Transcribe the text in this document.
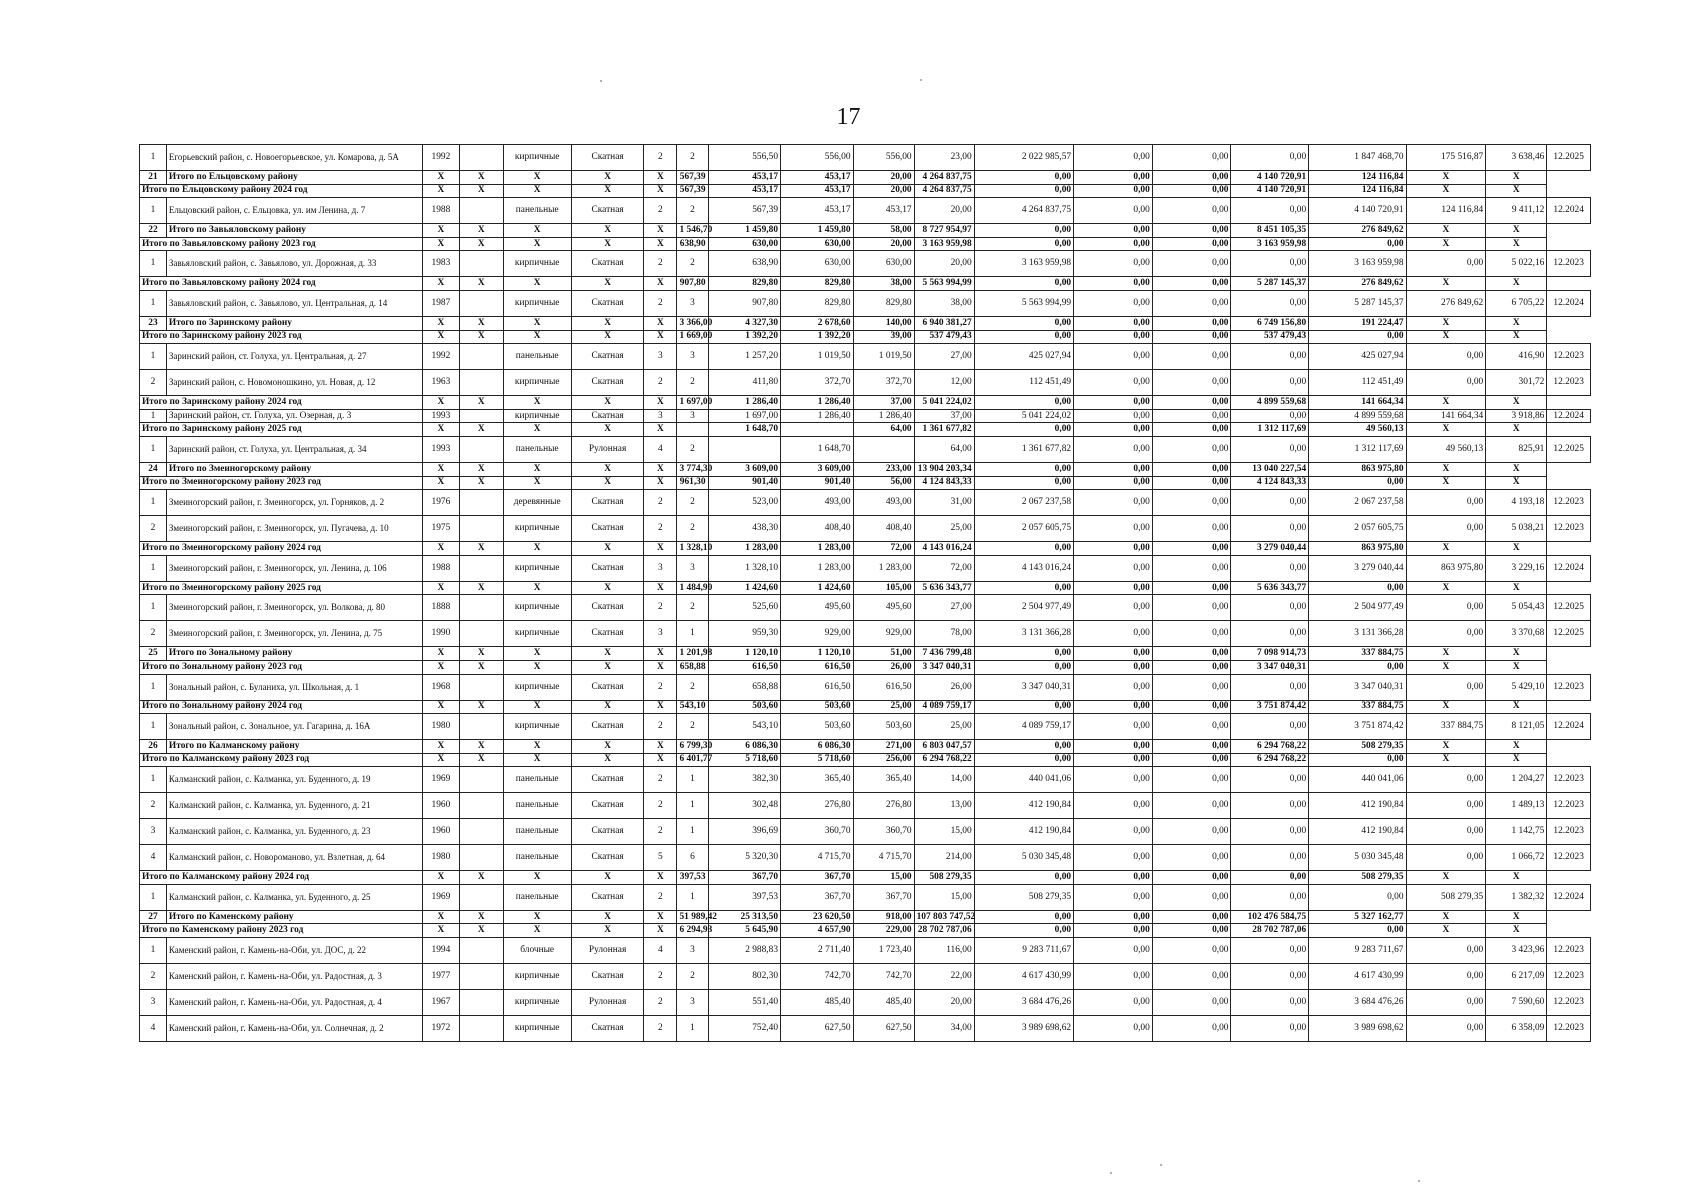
17
1	Егорьевский район, с. Новоегорьевское, ул. Комарова, д. 5А	1992		кирпичные	Скатная	2	2	556,50	556,00	556,00	23,00	2 022 985,57	0,00	0,00	0,00	1 847 468,70	175 516,87	3 638,46	12.2025
21	Итого по Ельцовскому району	X	X	X	X	X	567,39	453,17	453,17	20,00	4 264 837,75	0,00	0,00	0,00	4 140 720,91	124 116,84	X	X	
Итого по Ельцовскому району 2024 год		X	X	X	X	X	567,39	453,17	453,17	20,00	4 264 837,75	0,00	0,00	0,00	4 140 720,91	124 116,84	X	X	
1	Ельцовский район, с. Ельцовка, ул. им Ленина, д. 7	1988		панельные	Скатная	2	2	567,39	453,17	453,17	20,00	4 264 837,75	0,00	0,00	0,00	4 140 720,91	124 116,84	9 411,12	12.2024
22	Итого по Завьяловскому району	X	X	X	X	X	1 546,70	1 459,80	1 459,80	58,00	8 727 954,97	0,00	0,00	0,00	8 451 105,35	276 849,62	X	X	
Итого по Завьяловскому району 2023 год		X	X	X	X	X	638,90	630,00	630,00	20,00	3 163 959,98	0,00	0,00	0,00	3 163 959,98	0,00	X	X	
1	Завьяловский район, с. Завьялово, ул. Дорожная, д. 33	1983		кирпичные	Скатная	2	2	638,90	630,00	630,00	20,00	3 163 959,98	0,00	0,00	0,00	3 163 959,98	0,00	5 022,16	12.2023
Итого по Завьяловскому району 2024 год		X	X	X	X	X	907,80	829,80	829,80	38,00	5 563 994,99	0,00	0,00	0,00	5 287 145,37	276 849,62	X	X	
1	Завьяловский район, с. Завьялово, ул. Центральная, д. 14	1987		кирпичные	Скатная	2	3	907,80	829,80	829,80	38,00	5 563 994,99	0,00	0,00	0,00	5 287 145,37	276 849,62	6 705,22	12.2024
23	Итого по Заринскому району	X	X	X	X	X	3 366,00	4 327,30	2 678,60	140,00	6 940 381,27	0,00	0,00	0,00	6 749 156,80	191 224,47	X	X	
Итого по Заринскому району 2023 год		X	X	X	X	X	1 669,00	1 392,20	1 392,20	39,00	537 479,43	0,00	0,00	0,00	537 479,43	0,00	X	X	
1	Заринский район, ст. Голуха, ул. Центральная, д. 27	1992		панельные	Скатная	3	3	1 257,20	1 019,50	1 019,50	27,00	425 027,94	0,00	0,00	0,00	425 027,94	0,00	416,90	12.2023
2	Заринский район, с. Новомоношкино, ул. Новая, д. 12	1963		кирпичные	Скатная	2	2	411,80	372,70	372,70	12,00	112 451,49	0,00	0,00	0,00	112 451,49	0,00	301,72	12.2023
Итого по Заринскому району 2024 год		X	X	X	X	X	1 697,00	1 286,40	1 286,40	37,00	5 041 224,02	0,00	0,00	0,00	4 899 559,68	141 664,34	X	X	
1	Заринский район, ст. Голуха, ул. Озерная, д. 3	1993		кирпичные	Скатная	3	3	1 697,00	1 286,40	1 286,40	37,00	5 041 224,02	0,00	0,00	0,00	4 899 559,68	141 664,34	3 918,86	12.2024
Итого по Заринскому району 2025 год		X	X	X	X	X		1 648,70		64,00	1 361 677,82	0,00	0,00	0,00	1 312 117,69	49 560,13	X	X	
1	Заринский район, ст. Голуха, ул. Центральная, д. 34	1993		панельные	Рулонная	4	2		1 648,70		64,00	1 361 677,82	0,00	0,00	0,00	1 312 117,69	49 560,13	825,91	12.2025
24	Итого по Змеиногорскому району	X	X	X	X	X	3 774,30	3 609,00	3 609,00	233,00	13 904 203,34	0,00	0,00	0,00	13 040 227,54	863 975,80	X	X	
Итого по Змеиногорскому району 2023 год		X	X	X	X	X	961,30	901,40	901,40	56,00	4 124 843,33	0,00	0,00	0,00	4 124 843,33	0,00	X	X	
1	Змеиногорский район, г. Змеиногорск, ул. Горняков, д. 2	1976		деревянные	Скатная	2	2	523,00	493,00	493,00	31,00	2 067 237,58	0,00	0,00	0,00	2 067 237,58	0,00	4 193,18	12.2023
2	Змеиногорский район, г. Змеиногорск, ул. Пугачева, д. 10	1975		кирпичные	Скатная	2	2	438,30	408,40	408,40	25,00	2 057 605,75	0,00	0,00	0,00	2 057 605,75	0,00	5 038,21	12.2023
Итого по Змеиногорскому району 2024 год		X	X	X	X	X	1 328,10	1 283,00	1 283,00	72,00	4 143 016,24	0,00	0,00	0,00	3 279 040,44	863 975,80	X	X	
1	Змеиногорский район, г. Змеиногорск, ул. Ленина, д. 106	1988		кирпичные	Скатная	3	3	1 328,10	1 283,00	1 283,00	72,00	4 143 016,24	0,00	0,00	0,00	3 279 040,44	863 975,80	3 229,16	12.2024
Итого по Змеиногорскому району 2025 год		X	X	X	X	X	1 484,90	1 424,60	1 424,60	105,00	5 636 343,77	0,00	0,00	0,00	5 636 343,77	0,00	X	X	
1	Змеиногорский район, г. Змеиногорск, ул. Волкова, д. 80	1888		кирпичные	Скатная	2	2	525,60	495,60	495,60	27,00	2 504 977,49	0,00	0,00	0,00	2 504 977,49	0,00	5 054,43	12.2025
2	Змеиногорский район, г. Змеиногорск, ул. Ленина, д. 75	1990		кирпичные	Скатная	3	1	959,30	929,00	929,00	78,00	3 131 366,28	0,00	0,00	0,00	3 131 366,28	0,00	3 370,68	12.2025
25	Итого по Зональному району	X	X	X	X	X	1 201,98	1 120,10	1 120,10	51,00	7 436 799,48	0,00	0,00	0,00	7 098 914,73	337 884,75	X	X	
Итого по Зональному району 2023 год		X	X	X	X	X	658,88	616,50	616,50	26,00	3 347 040,31	0,00	0,00	0,00	3 347 040,31	0,00	X	X	
1	Зональный район, с. Буланиха, ул. Школьная, д. 1	1968		кирпичные	Скатная	2	2	658,88	616,50	616,50	26,00	3 347 040,31	0,00	0,00	0,00	3 347 040,31	0,00	5 429,10	12.2023
Итого по Зональному району 2024 год		X	X	X	X	X	543,10	503,60	503,60	25,00	4 089 759,17	0,00	0,00	0,00	3 751 874,42	337 884,75	X	X	
1	Зональный район, с. Зональное, ул. Гагарина, д. 16А	1980		кирпичные	Скатная	2	2	543,10	503,60	503,60	25,00	4 089 759,17	0,00	0,00	0,00	3 751 874,42	337 884,75	8 121,05	12.2024
26	Итого по Калманскому району	X	X	X	X	X	6 799,30	6 086,30	6 086,30	271,00	6 803 047,57	0,00	0,00	0,00	6 294 768,22	508 279,35	X	X	
Итого по Калманскому району 2023 год		X	X	X	X	X	6 401,77	5 718,60	5 718,60	256,00	6 294 768,22	0,00	0,00	0,00	6 294 768,22	0,00	X	X	
1	Калманский район, с. Калманка, ул. Буденного, д. 19	1969		панельные	Скатная	2	1	382,30	365,40	365,40	14,00	440 041,06	0,00	0,00	0,00	440 041,06	0,00	1 204,27	12.2023
2	Калманский район, с. Калманка, ул. Буденного, д. 21	1960		панельные	Скатная	2	1	302,48	276,80	276,80	13,00	412 190,84	0,00	0,00	0,00	412 190,84	0,00	1 489,13	12.2023
3	Калманский район, с. Калманка, ул. Буденного, д. 23	1960		панельные	Скатная	2	1	396,69	360,70	360,70	15,00	412 190,84	0,00	0,00	0,00	412 190,84	0,00	1 142,75	12.2023
4	Калманский район, с. Новороманово, ул. Взлетная, д. 64	1980		панельные	Скатная	5	6	5 320,30	4 715,70	4 715,70	214,00	5 030 345,48	0,00	0,00	0,00	5 030 345,48	0,00	1 066,72	12.2023
Итого по Калманскому району 2024 год		X	X	X	X	X	397,53	367,70	367,70	15,00	508 279,35	0,00	0,00	0,00	0,00	508 279,35	X	X	
1	Калманский район, с. Калманка, ул. Буденного, д. 25	1969		панельные	Скатная	2	1	397,53	367,70	367,70	15,00	508 279,35	0,00	0,00	0,00	0,00	508 279,35	1 382,32	12.2024
27	Итого по Каменскому району	X	X	X	X	X	51 989,42	25 313,50	23 620,50	918,00	107 803 747,52	0,00	0,00	0,00	102 476 584,75	5 327 162,77	X	X	
Итого по Каменскому району 2023 год		X	X	X	X	X	6 294,93	5 645,90	4 657,90	229,00	28 702 787,06	0,00	0,00	0,00	28 702 787,06	0,00	X	X	
1	Каменский район, г. Камень-на-Оби, ул. ДОС, д. 22	1994		блочные	Рулонная	4	3	2 988,83	2 711,40	1 723,40	116,00	9 283 711,67	0,00	0,00	0,00	9 283 711,67	0,00	3 423,96	12.2023
2	Каменский район, г. Камень-на-Оби, ул. Радостная, д. 3	1977		кирпичные	Скатная	2	2	802,30	742,70	742,70	22,00	4 617 430,99	0,00	0,00	0,00	4 617 430,99	0,00	6 217,09	12.2023
3	Каменский район, г. Камень-на-Оби, ул. Радостная, д. 4	1967		кирпичные	Рулонная	2	3	551,40	485,40	485,40	20,00	3 684 476,26	0,00	0,00	0,00	3 684 476,26	0,00	7 590,60	12.2023
4	Каменский район, г. Камень-на-Оби, ул. Солнечная, д. 2	1972		кирпичные	Скатная	2	1	752,40	627,50	627,50	34,00	3 989 698,62	0,00	0,00	0,00	3 989 698,62	0,00	6 358,09	12.2023
